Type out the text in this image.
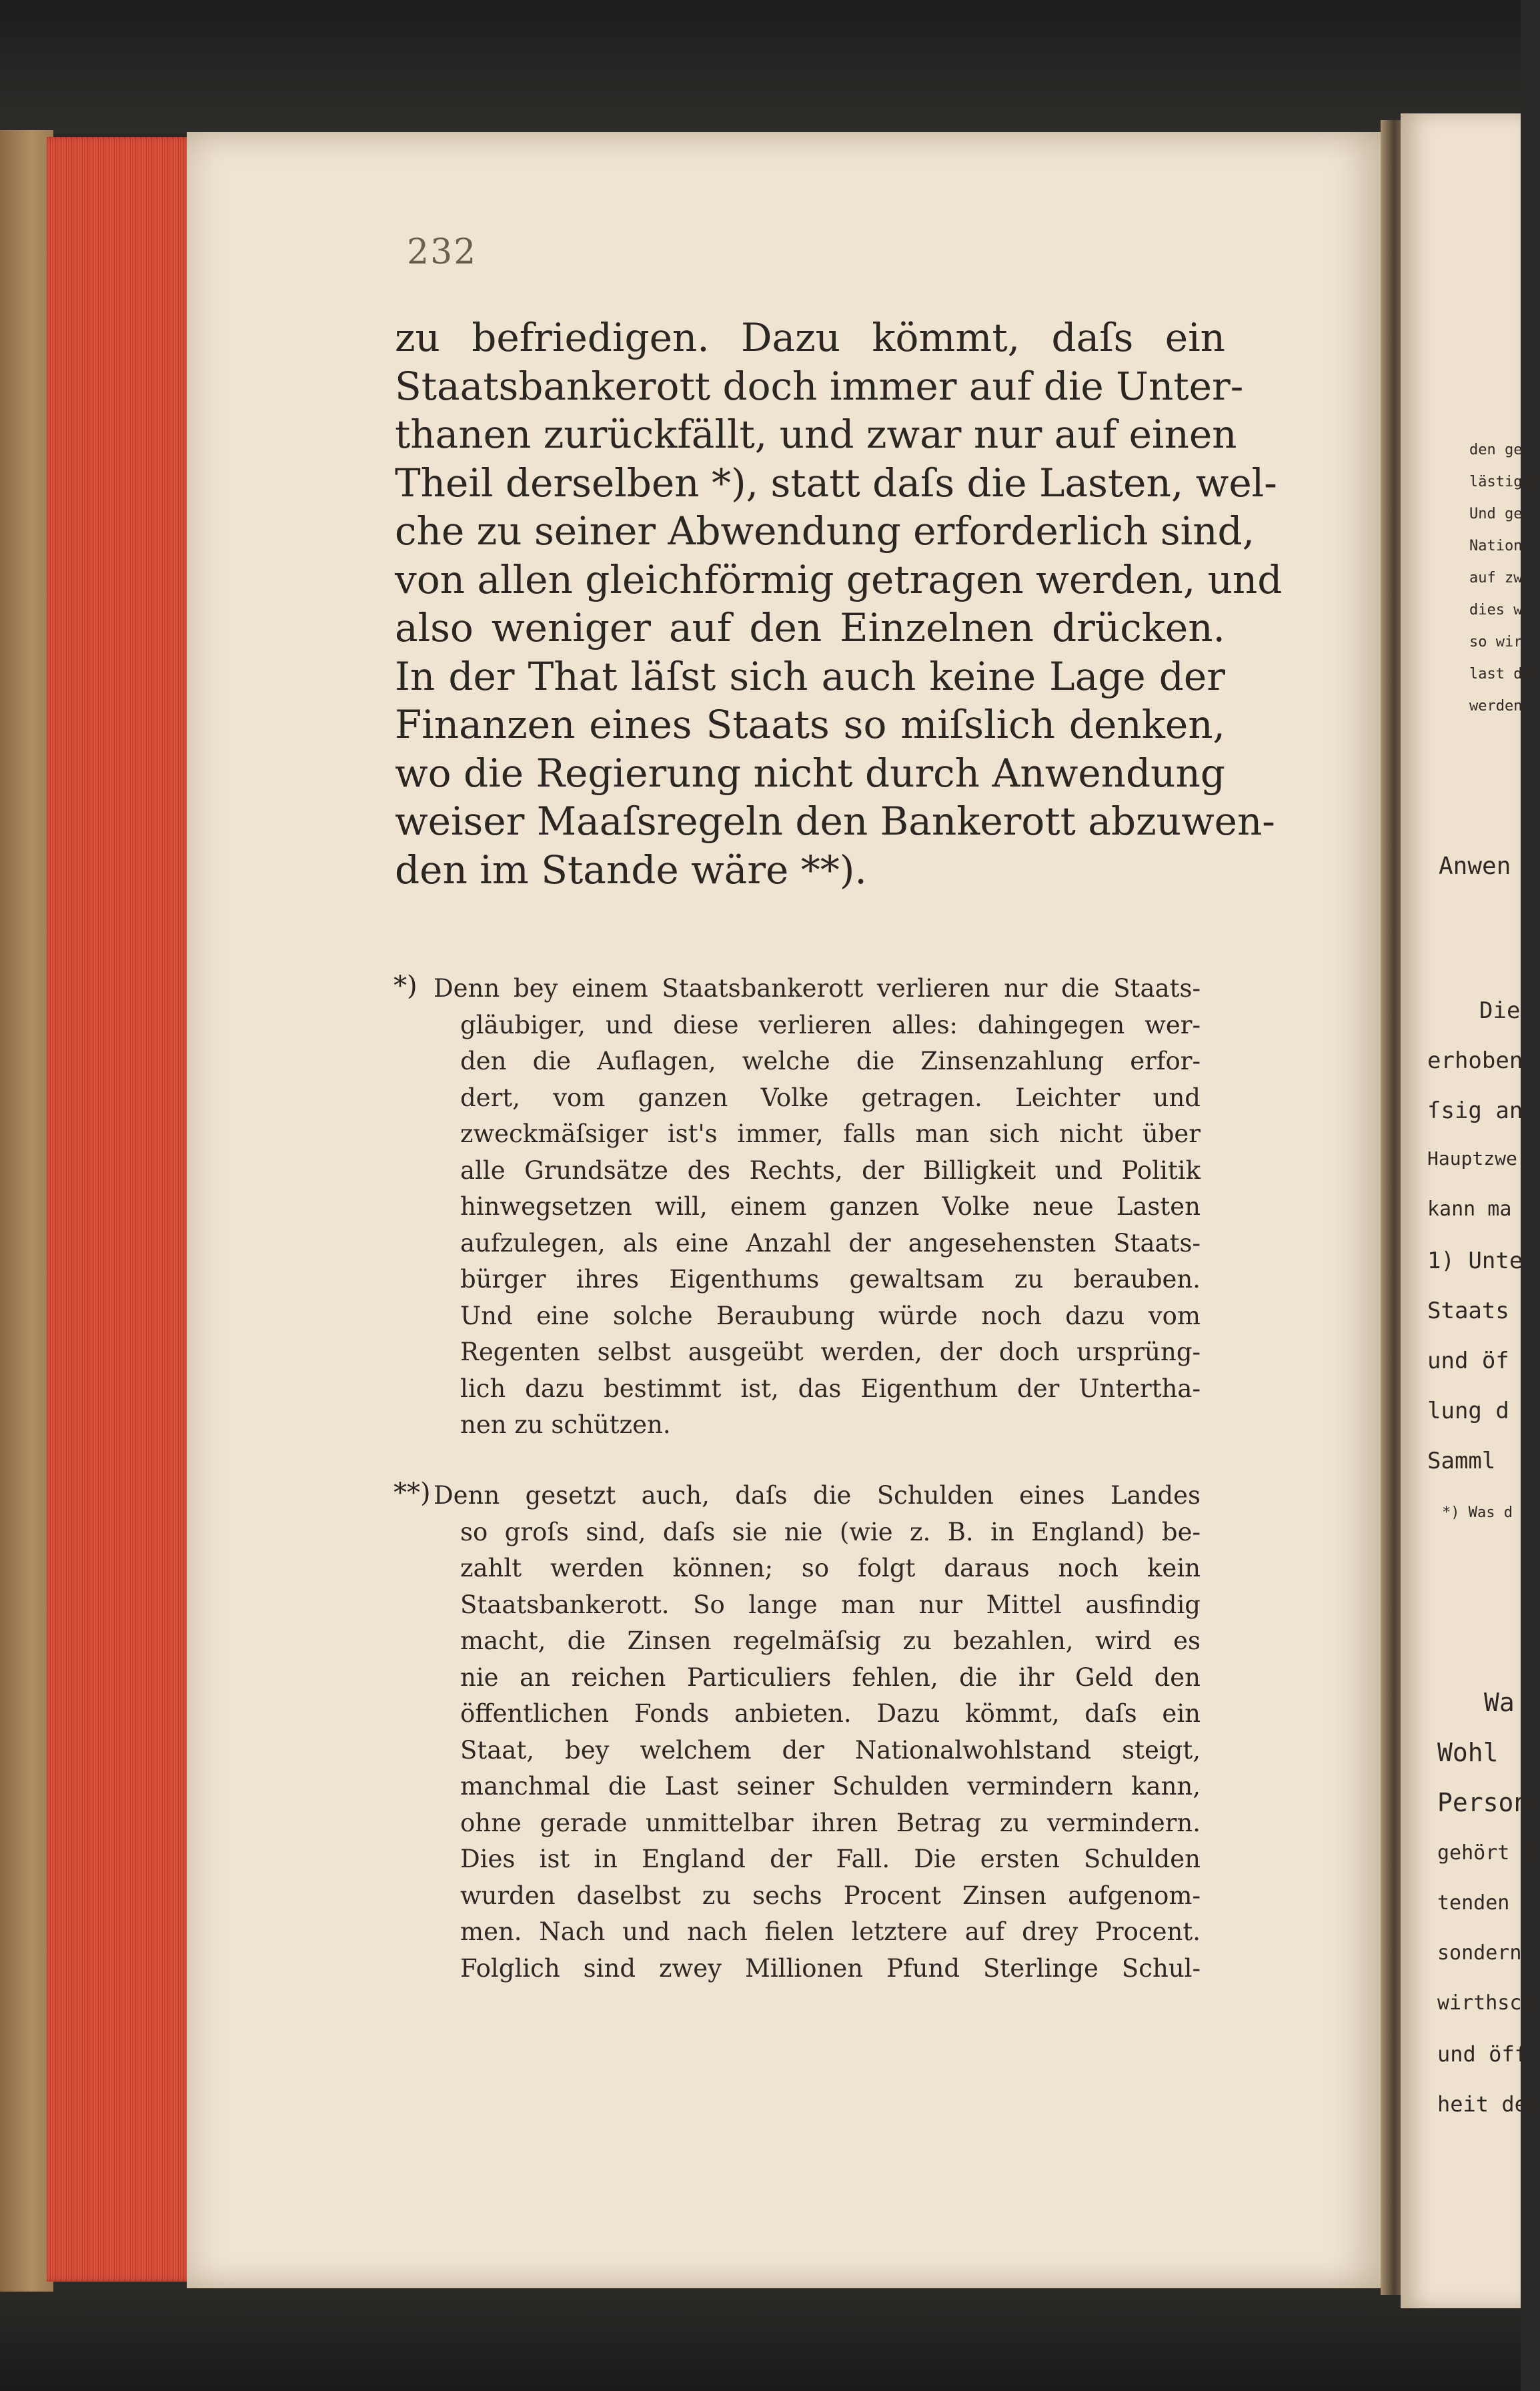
232
zu befriedigen. Dazu kömmt, daſs ein
Staatsbankerott doch immer auf die Unter-
thanen zurückfällt, und zwar nur auf einen
Theil derselben *), statt daſs die Lasten, wel-
che zu seiner Abwendung erforderlich sind,
von allen gleichförmig getragen werden, und
also weniger auf den Einzelnen drücken.
In der That läſst sich auch keine Lage der
Finanzen eines Staats so miſslich denken,
wo die Regierung nicht durch Anwendung
weiser Maaſsregeln den Bankerott abzuwen-
den im Stande wäre **).
*) Denn bey einem Staatsbankerott verlieren nur die Staats-
gläubiger, und diese verlieren alles: dahingegen wer-
den die Auflagen, welche die Zinsenzahlung erfor-
dert, vom ganzen Volke getragen. Leichter und
zweckmäſsiger ist's immer, falls man sich nicht über
alle Grundsätze des Rechts, der Billigkeit und Politik
hinwegsetzen will, einem ganzen Volke neue Lasten
aufzulegen, als eine Anzahl der angesehensten Staats-
bürger ihres Eigenthums gewaltsam zu berauben.
Und eine solche Beraubung würde noch dazu vom
Regenten selbst ausgeübt werden, der doch ursprüng-
lich dazu bestimmt ist, das Eigenthum der Untertha-
nen zu schützen.
**) Denn gesetzt auch, daſs die Schulden eines Landes
so groſs sind, daſs sie nie (wie z. B. in England) be-
zahlt werden können; so folgt daraus noch kein
Staatsbankerott. So lange man nur Mittel ausfindig
macht, die Zinsen regelmäſsig zu bezahlen, wird es
nie an reichen Particuliers fehlen, die ihr Geld den
öffentlichen Fonds anbieten. Dazu kömmt, daſs ein
Staat, bey welchem der Nationalwohlstand steigt,
manchmal die Last seiner Schulden vermindern kann,
ohne gerade unmittelbar ihren Betrag zu vermindern.
Dies ist in England der Fall. Die ersten Schulden
wurden daselbst zu sechs Procent Zinsen aufgenom-
men. Nach und nach fielen letztere auf drey Procent.
Folglich sind zwey Millionen Pfund Sterlinge Schul-
den ge
lästiger
Und ge
Nation
auf zw
dies w
so wir
last da
werden
Anwen
Die
erhoben
ſsig an
Hauptzwe
kann ma
1) Unte
Staats
und öf
lung d
Samml
*) Was d
Wa
Wohl
Person
gehört d
tenden
sondern
wirthsch
und öff
heit des
